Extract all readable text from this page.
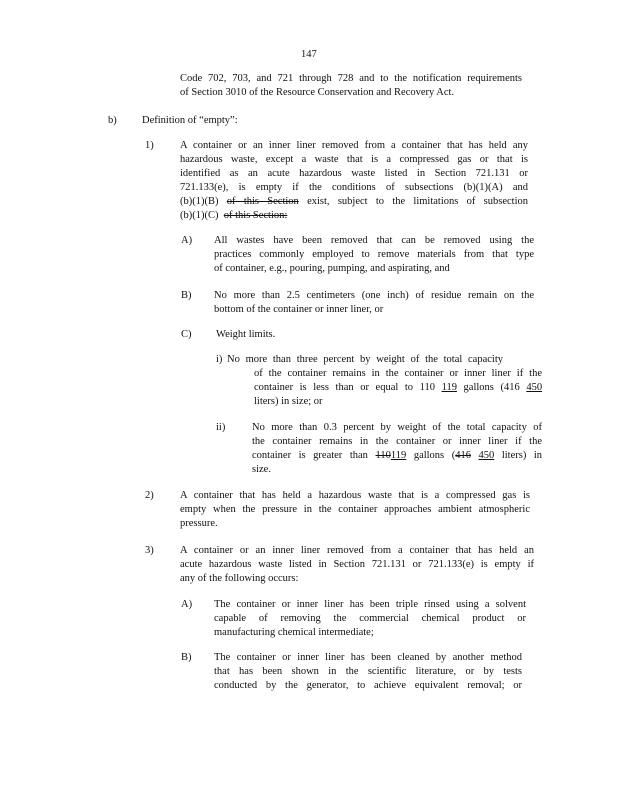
147
Code 702, 703, and 721 through 728 and to the notification requirements
of Section 3010 of the Resource Conservation and Recovery Act.
b) Definition of “empty”:
1)	A container or an inner liner removed from a container that has held any
hazardous waste, except a waste that is a compressed gas or that is
identified as an acute hazardous waste listed in Section 721.131 or
721.133(e), is empty if the conditions of subsections (b)(1)(A) and
(b)(1)(B) of this Section exist, subject to the limitations of subsection
(b)(1)(C) of this Section:
A) All wastes have been removed that can be removed using the
practices commonly employed to remove materials from that type
of container, e.g., pouring, pumping, and aspirating, and
B) No more than 2.5 centimeters (one inch) of residue remain on the
bottom of the container or inner liner, or
C) Weight limits.
i) No more than three percent by weight of the total capacity
of the container remains in the container or inner liner if the
container is less than or equal to 110 119 gallons (416 450
liters) in size; or
ii)	No more than 0.3 percent by weight of the total capacity of
the container remains in the container or inner liner if the
container is greater than 110119 gallons (416 450 liters) in
size.
2)	A container that has held a hazardous waste that is a compressed gas is
empty when the pressure in the container approaches ambient atmospheric
pressure.
3)	A container or an inner liner removed from a container that has held an
acute hazardous waste listed in Section 721.131 or 721.133(e) is empty if
any of the following occurs:
A) The container or inner liner has been triple rinsed using a solvent
capable of removing the commercial chemical product or
manufacturing chemical intermediate;
B) The container or inner liner has been cleaned by another method
that has been shown in the scientific literature, or by tests
conducted by the generator, to achieve equivalent removal; or
